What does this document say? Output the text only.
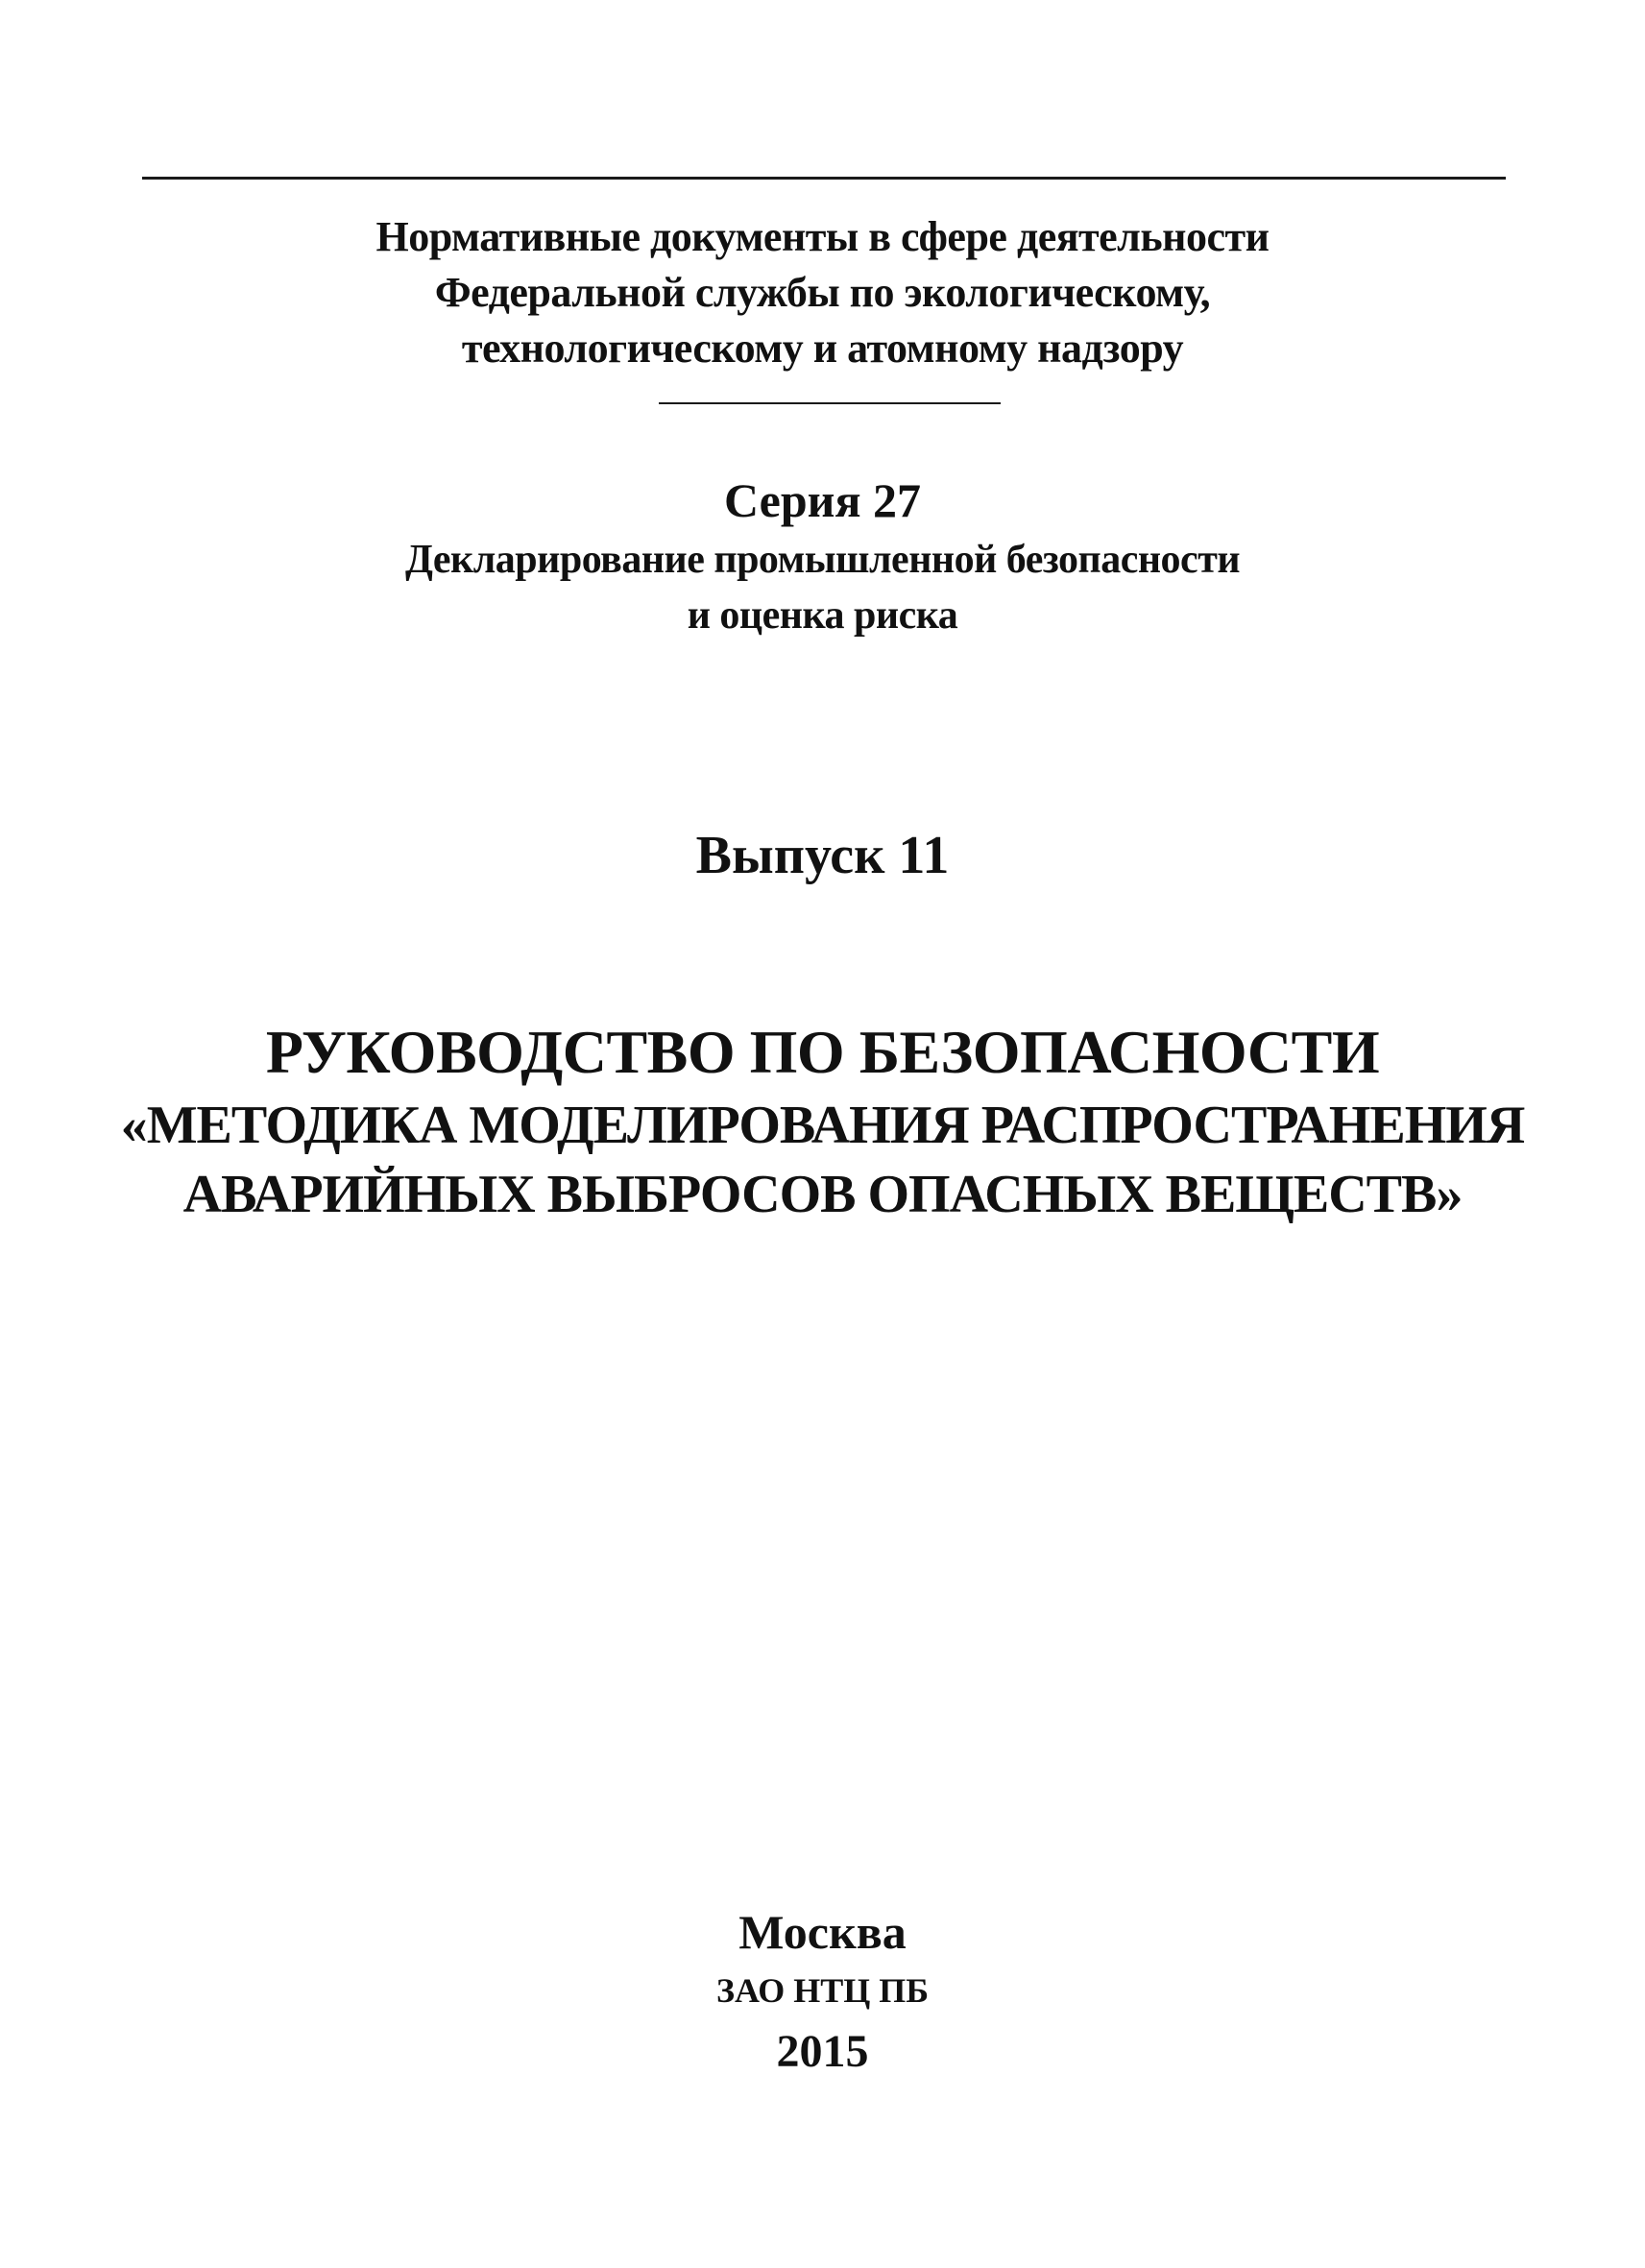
Нормативные документы в сфере деятельности
Федеральной службы по экологическому,
технологическому и атомному надзору
Серия 27
Декларирование промышленной безопасности
и оценка риска
Выпуск 11
РУКОВОДСТВО ПО БЕЗОПАСНОСТИ
«МЕТОДИКА МОДЕЛИРОВАНИЯ РАСПРОСТРАНЕНИЯ
АВАРИЙНЫХ ВЫБРОСОВ ОПАСНЫХ ВЕЩЕСТВ»
Москва
ЗАО НТЦ ПБ
2015
